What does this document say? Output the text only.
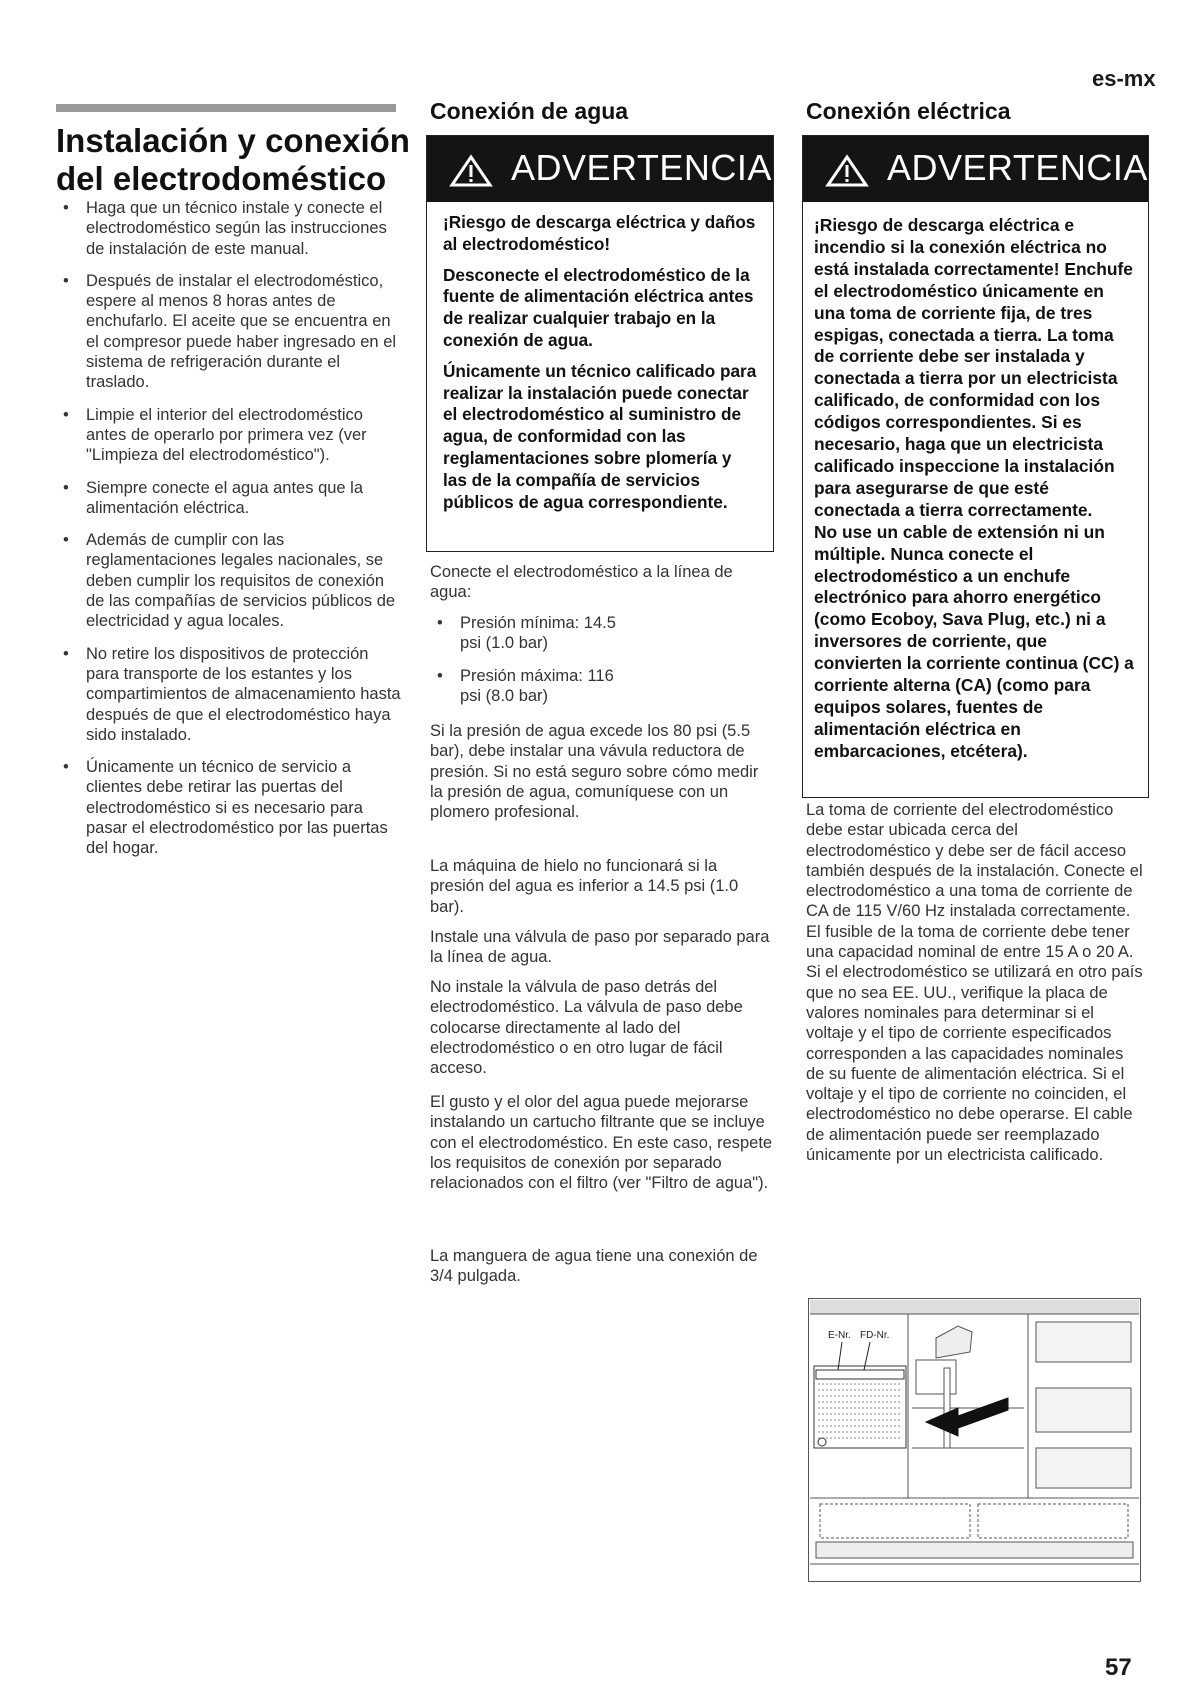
es-mx
Instalación y conexión del electrodoméstico
• Haga que un técnico instale y conecte el electrodoméstico según las instrucciones de instalación de este manual.
• Después de instalar el electrodoméstico, espere al menos 8 horas antes de enchufarlo. El aceite que se encuentra en el compresor puede haber ingresado en el sistema de refrigeración durante el traslado.
• Limpie el interior del electrodoméstico antes de operarlo por primera vez (ver "Limpieza del electrodoméstico").
• Siempre conecte el agua antes que la alimentación eléctrica.
• Además de cumplir con las reglamentaciones legales nacionales, se deben cumplir los requisitos de conexión de las compañías de servicios públicos de electricidad y agua locales.
• No retire los dispositivos de protección para transporte de los estantes y los compartimientos de almacenamiento hasta después de que el electrodoméstico haya sido instalado.
• Únicamente un técnico de servicio a clientes debe retirar las puertas del electrodoméstico si es necesario para pasar el electrodoméstico por las puertas del hogar.
Conexión de agua
ADVERTENCIA

¡Riesgo de descarga eléctrica y daños al electrodoméstico!

Desconecte el electrodoméstico de la fuente de alimentación eléctrica antes de realizar cualquier trabajo en la conexión de agua.

Únicamente un técnico calificado para realizar la instalación puede conectar el electrodoméstico al suministro de agua, de conformidad con las reglamentaciones sobre plomería y las de la compañía de servicios públicos de agua correspondiente.

Conecte el electrodoméstico a la línea de agua:

• Presión mínima: 14.5 psi (1.0 bar)
• Presión máxima: 116 psi (8.0 bar)

Si la presión de agua excede los 80 psi (5.5 bar), debe instalar una vávula reductora de presión. Si no está seguro sobre cómo medir la presión de agua, comuníquese con un plomero profesional.

La máquina de hielo no funcionará si la presión del agua es inferior a 14.5 psi (1.0 bar).

Instale una válvula de paso por separado para la línea de agua.

No instale la válvula de paso detrás del electrodoméstico. La válvula de paso debe colocarse directamente al lado del electrodoméstico o en otro lugar de fácil acceso.

El gusto y el olor del agua puede mejorarse instalando un cartucho filtrante que se incluye con el electrodoméstico. En este caso, respete los requisitos de conexión por separado relacionados con el filtro (ver "Filtro de agua").

La manguera de agua tiene una conexión de 3/4 pulgada.

Conexión eléctrica
ADVERTENCIA

¡Riesgo de descarga eléctrica e incendio si la conexión eléctrica no está instalada correctamente! Enchufe el electrodoméstico únicamente en una toma de corriente fija, de tres espigas, conectada a tierra. La toma de corriente debe ser instalada y conectada a tierra por un electricista calificado, de conformidad con los códigos correspondientes. Si es necesario, haga que un electricista calificado inspeccione la instalación para asegurarse de que esté conectada a tierra correctamente.

No use un cable de extensión ni un múltiple. Nunca conecte el electrodoméstico a un enchufe electrónico para ahorro energético (como Ecoboy, Sava Plug, etc.) ni a inversores de corriente, que convierten la corriente continua (CC) a corriente alterna (CA) (como para equipos solares, fuentes de alimentación eléctrica en embarcaciones, etcétera).

La toma de corriente del electrodoméstico debe estar ubicada cerca del electrodoméstico y debe ser de fácil acceso también después de la instalación. Conecte el electrodoméstico a una toma de corriente de CA de 115 V/60 Hz instalada correctamente. El fusible de la toma de corriente debe tener una capacidad nominal de entre 15 A o 20 A. Si el electrodoméstico se utilizará en otro país que no sea EE. UU., verifique la placa de valores nominales para determinar si el voltaje y el tipo de corriente especificados corresponden a las capacidades nominales de su fuente de alimentación eléctrica. Si el voltaje y el tipo de corriente no coinciden, el electrodoméstico no debe operarse. El cable de alimentación puede ser reemplazado únicamente por un electricista calificado.

E-Nr. FD-Nr.
57
